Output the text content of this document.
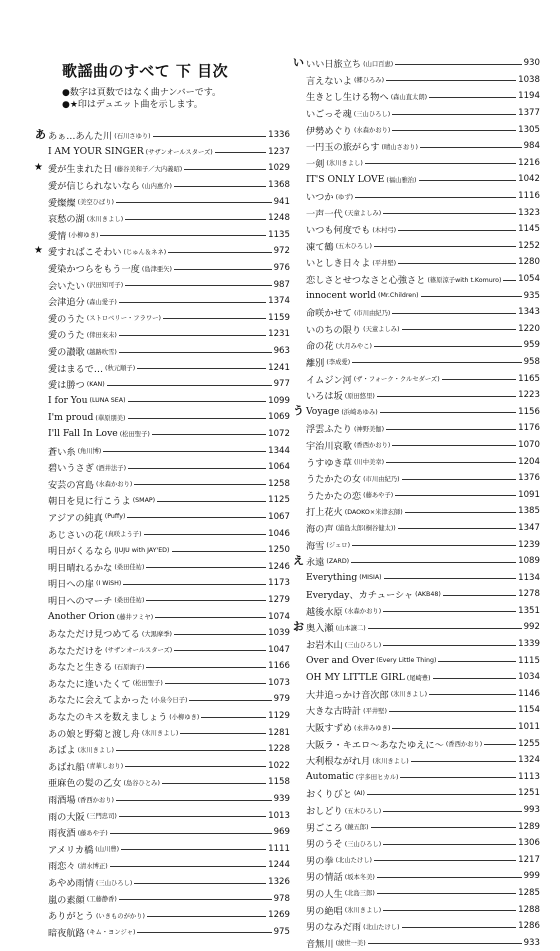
歌謡曲のすべて 下 目次
●数字は頁数ではなく曲ナンバーです。
●★印はデュエット曲を示します。
あ あぁ…あんた川 (石川さゆり)	1336
I AM YOUR SINGER (サザンオールスターズ)	1237
★ 愛が生まれた日 (藤谷美和子／大内義昭)	1029
愛が信じられないなら (山内惠介)	1368
愛燦燦 (美空ひばり)	941
哀愁の湖 (氷川きよし)	1248
愛情 (小柳ゆき)	1135
★ 愛すればこそわい (じゅん＆ネネ)	972
愛染かつらをもう一度 (島津亜矢)	976
会いたい (沢田知可子)	987
会津追分 (森山愛子)	1374
愛のうた (ストロベリー・フラワー)	1159
愛のうた (倖田來未)	1231
愛の讃歌 (越路吹雪)	963
愛はまるで… (秋元順子)	1241
愛は勝つ (KAN)	977
I for You (LUNA SEA)	1099
I'm proud (華原朋美)	1069
I'll Fall In Love (松田聖子)	1072
蒼い糸 (角川博)	1344
碧いうさぎ (酒井法子)	1064
安芸の宮島 (水森かおり)	1258
朝日を見に行こうよ (SMAP)	1125
アジアの純真 (Puffy)	1067
あじさいの花 (真咲よう子)	1046
明日がくるなら (JUJU with JAY'ED)	1250
明日晴れるかな (桑田佳祐)	1246
明日への扉 (I WiSH)	1173
明日へのマーチ (桑田佳祐)	1279
Another Orion (藤井フミヤ)	1074
あなただけ見つめてる (大黒摩季)	1039
あなただけを (サザンオールスターズ)	1047
あなたと生きる (石原詢子)	1166
あなたに逢いたくて (松田聖子)	1073
あなたに会えてよかった (小泉今日子)	979
あなたのキスを数えましょう (小柳ゆき)	1129
あの娘と野菊と渡し舟 (氷川きよし)	1281
あばよ (氷川きよし)	1228
あばれ船 (青華しおり)	1022
亜麻色の髪の乙女 (島谷ひとみ)	1158
雨酒場 (香西かおり)	939
雨の大阪 (三門忠司)	1013
雨夜酒 (藤あや子)	969
アメリカ橋 (山川豊)	1111
雨恋々 (清水博正)	1244
あやめ雨情 (三山ひろし)	1326
嵐の素顔 (工藤静香)	978
ありがとう (いきものがかり)	1269
暗夜航路 (キム・ヨンジャ)	975
い いい日旅立ち (山口百恵)	930
言えないよ (郷ひろみ)	1038
生きとし生ける物へ (森山直太朗)	1194
いごっそ魂 (三山ひろし)	1377
伊勢めぐり (水森かおり)	1305
一円玉の旅がらす (晴山さおり)	984
一剣 (氷川きよし)	1216
IT'S ONLY LOVE (福山雅治)	1042
いつか (ゆず)	1116
一声一代 (天童よしみ)	1323
いつも何度でも (木村弓)	1145
凍て鶴 (五木ひろし)	1252
いとしき日々よ (平井堅)	1280
恋しさとせつなさと心強さと (篠原涼子with t.Komuro) 1054
innocent world (Mr.Children)	935
命咲かせて (市川由紀乃)	1343
いのちの限り (天童よしみ)	1220
命の花 (大月みやこ)	959
離別 (李成愛)	958
イムジン河 (ザ・フォーク・クルセダーズ)	1165
いろは坂 (原田悠里)	1223
う Voyage (浜崎あゆみ)	1156
浮雲ふたり (神野美伽)	1176
宇治川哀歌 (香西かおり)	1070
うすゆき草 (川中美幸)	1204
うたかたの女 (市川由紀乃)	1376
うたかたの恋 (藤あや子)	1091
打上花火 (DAOKO×米津玄師)	1385
海の声 (浦島太郎(桐谷健太))	1347
海雪 (ジェロ)	1239
え 永遠 (ZARD)	1089
Everything (MISIA)	1134
Everyday、カチューシャ (AKB48)	1278
越後水原 (水森かおり)	1351
お 奥入瀬 (山本譲二)	992
お岩木山 (三山ひろし)	1339
Over and Over (Every Little Thing)	1115
OH MY LITTLE GIRL (尾崎豊)	1034
大井追っかけ音次郎 (氷川きよし)	1146
大きな古時計 (平井堅)	1154
大阪すずめ (永井みゆき)	1011
大阪ラ・キエロ～あなたゆえに～ (香西かおり)	1255
大利根ながれ月 (氷川きよし)	1324
Automatic (宇多田ヒカル)	1113
おくりびと (AI)	1251
おしどり (五木ひろし)	993
男ごころ (鏡五郎)	1289
男のうそ (三山ひろし)	1306
男の拳 (北山たけし)	1217
男の情話 (坂本冬美)	999
男の人生 (北島三郎)	1285
男の絶唱 (氷川きよし)	1288
男のなみだ雨 (北山たけし)	1286
音無川 (綾世一美)	933
